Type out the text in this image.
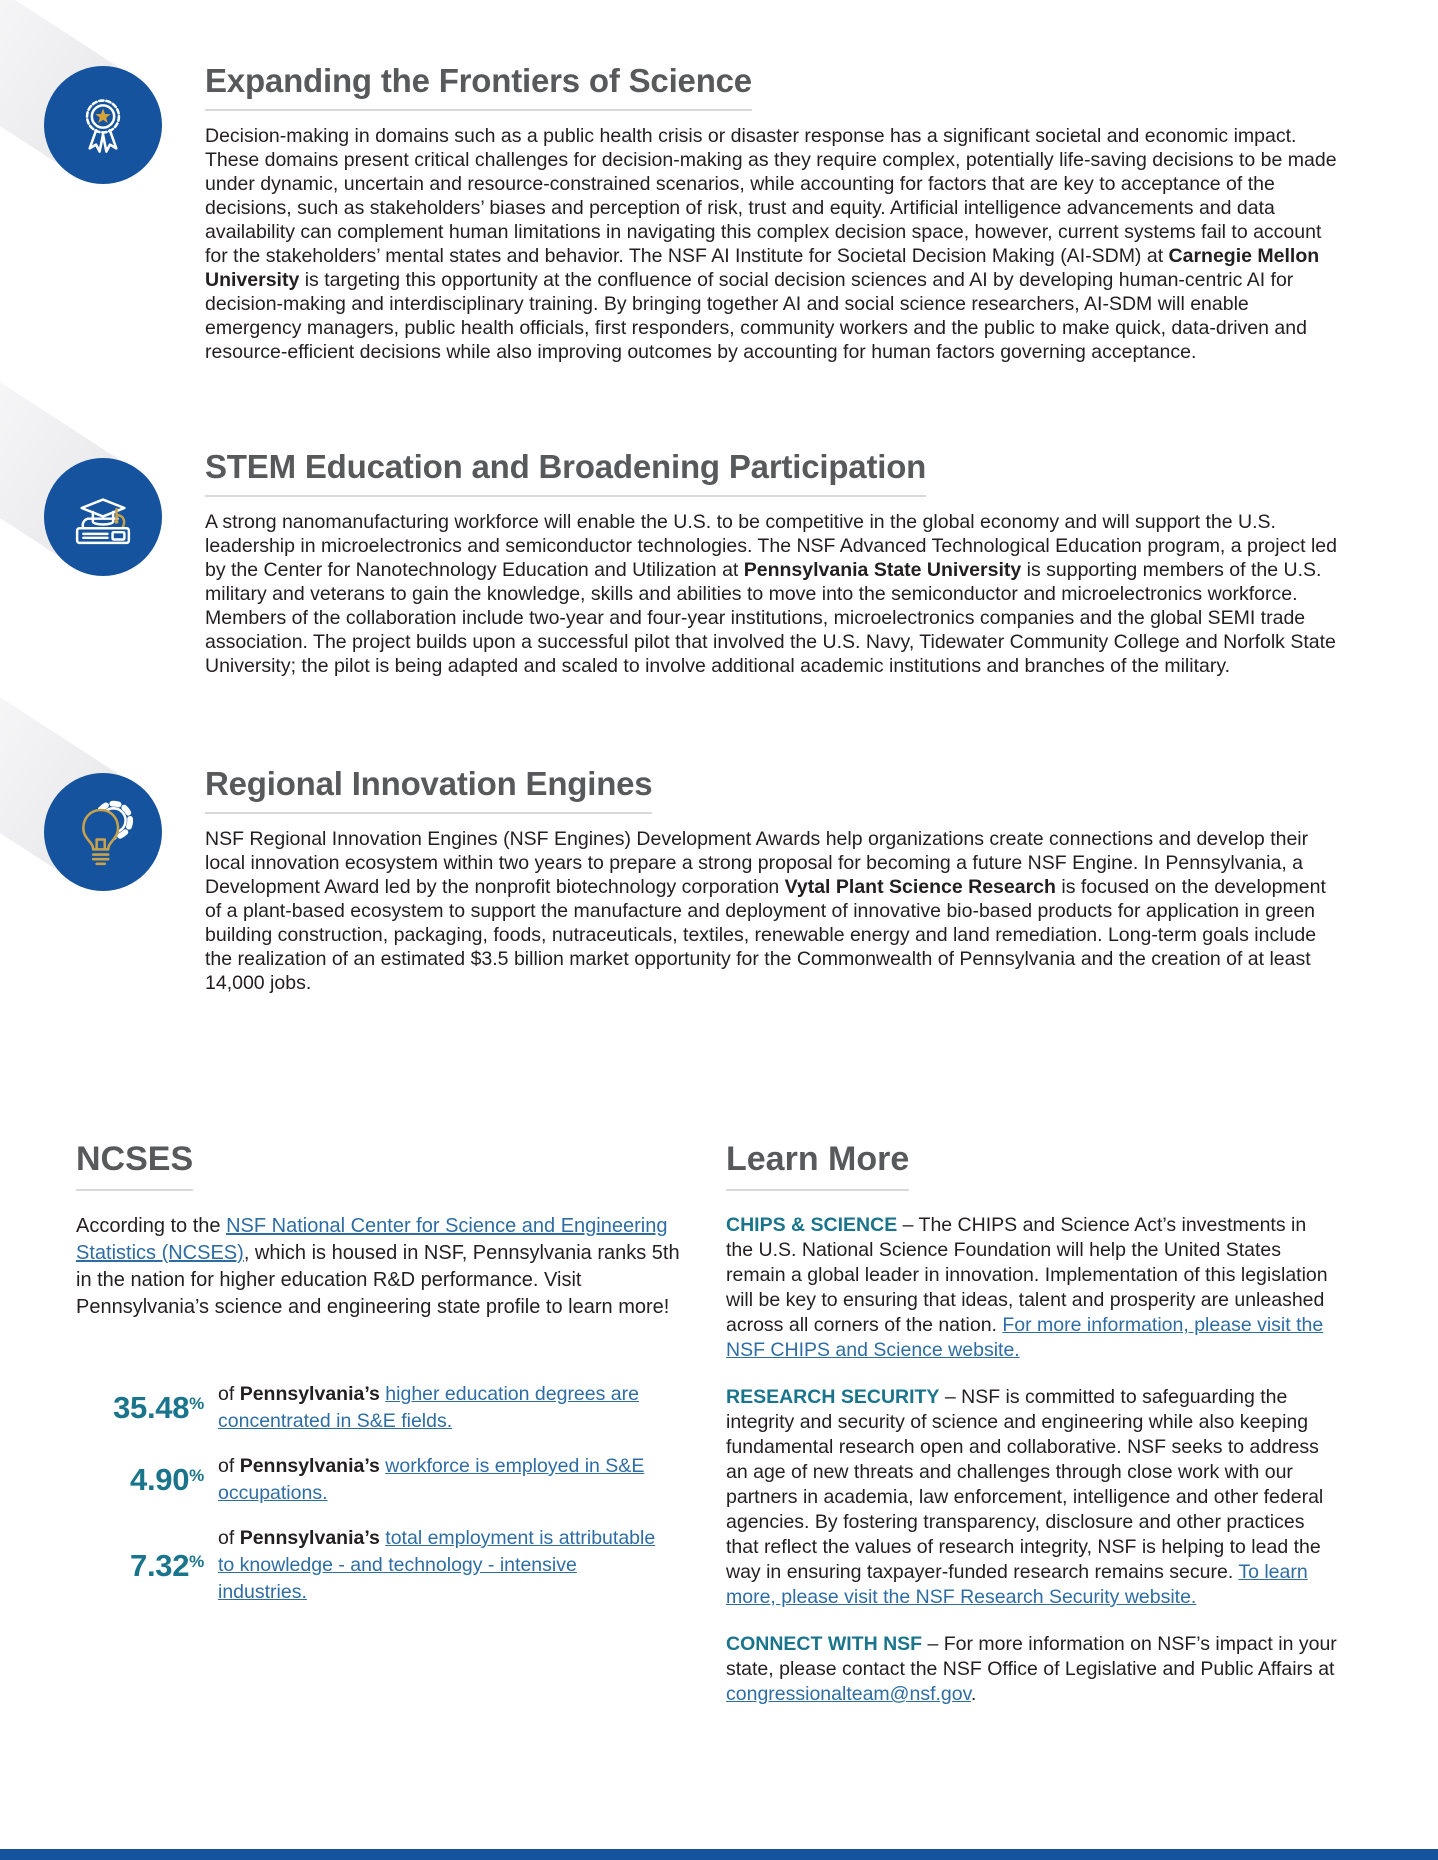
Expanding the Frontiers of Science

Decision-making in domains such as a public health crisis or disaster response has a significant societal and economic impact. These domains present critical challenges for decision-making as they require complex, potentially life-saving decisions to be made under dynamic, uncertain and resource-constrained scenarios, while accounting for factors that are key to acceptance of the decisions, such as stakeholders’ biases and perception of risk, trust and equity. Artificial intelligence advancements and data availability can complement human limitations in navigating this complex decision space, however, current systems fail to account for the stakeholders’ mental states and behavior. The NSF AI Institute for Societal Decision Making (AI-SDM) at Carnegie Mellon University is targeting this opportunity at the confluence of social decision sciences and AI by developing human-centric AI for decision-making and interdisciplinary training. By bringing together AI and social science researchers, AI-SDM will enable emergency managers, public health officials, first responders, community workers and the public to make quick, data-driven and resource-efficient decisions while also improving outcomes by accounting for human factors governing acceptance.

STEM Education and Broadening Participation

A strong nanomanufacturing workforce will enable the U.S. to be competitive in the global economy and will support the U.S. leadership in microelectronics and semiconductor technologies. The NSF Advanced Technological Education program, a project led by the Center for Nanotechnology Education and Utilization at Pennsylvania State University is supporting members of the U.S. military and veterans to gain the knowledge, skills and abilities to move into the semiconductor and microelectronics workforce. Members of the collaboration include two-year and four-year institutions, microelectronics companies and the global SEMI trade association. The project builds upon a successful pilot that involved the U.S. Navy, Tidewater Community College and Norfolk State University; the pilot is being adapted and scaled to involve additional academic institutions and branches of the military.

Regional Innovation Engines

NSF Regional Innovation Engines (NSF Engines) Development Awards help organizations create connections and develop their local innovation ecosystem within two years to prepare a strong proposal for becoming a future NSF Engine. In Pennsylvania, a Development Award led by the nonprofit biotechnology corporation Vytal Plant Science Research is focused on the development of a plant-based ecosystem to support the manufacture and deployment of innovative bio-based products for application in green building construction, packaging, foods, nutraceuticals, textiles, renewable energy and land remediation. Long-term goals include the realization of an estimated $3.5 billion market opportunity for the Commonwealth of Pennsylvania and the creation of at least 14,000 jobs.

NCSES

According to the NSF National Center for Science and Engineering Statistics (NCSES), which is housed in NSF, Pennsylvania ranks 5th in the nation for higher education R&D performance. Visit Pennsylvania’s science and engineering state profile to learn more!

35.48% of Pennsylvania’s higher education degrees are concentrated in S&E fields.
4.90% of Pennsylvania’s workforce is employed in S&E occupations.
7.32%
of Pennsylvania’s total employment is attributable to knowledge - and technology - intensive industries.
Learn More

CHIPS & SCIENCE – The CHIPS and Science Act’s investments in the U.S. National Science Foundation will help the United States remain a global leader in innovation. Implementation of this legislation will be key to ensuring that ideas, talent and prosperity are unleashed across all corners of the nation. For more information, please visit the NSF CHIPS and Science website.

RESEARCH SECURITY – NSF is committed to safeguarding the integrity and security of science and engineering while also keeping fundamental research open and collaborative. NSF seeks to address an age of new threats and challenges through close work with our partners in academia, law enforcement, intelligence and other federal agencies. By fostering transparency, disclosure and other practices that reflect the values of research integrity, NSF is helping to lead the way in ensuring taxpayer-funded research remains secure. To learn more, please visit the NSF Research Security website.

CONNECT WITH NSF – For more information on NSF’s impact in your state, please contact the NSF Office of Legislative and Public Affairs at congressionalteam@nsf.gov.
